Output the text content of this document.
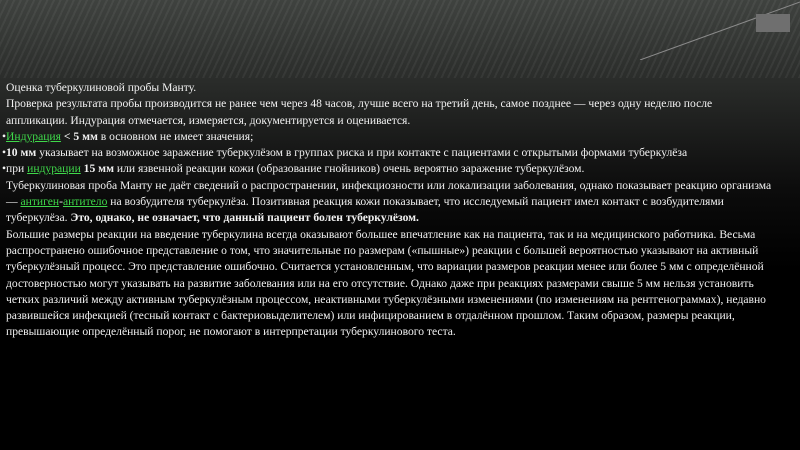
Оценка туберкулиновой пробы Манту.

Проверка результата пробы производится не ранее чем через 48 часов, лучше всего на третий день, самое позднее — через одну неделю после аппликации. Индурация отмечается, измеряется, документируется и оценивается.

•Индурация < 5 мм в основном не имеет значения;

•10 мм указывает на возможное заражение туберкулёзом в группах риска и при контакте с пациентами с открытыми формами туберкулёза

•при индурации 15 мм или язвенной реакции кожи (образование гнойников) очень вероятно заражение туберкулёзом.

Туберкулиновая проба Манту не даёт сведений о распространении, инфекциозности или локализации заболевания, однако показывает реакцию организма — антиген-антитело на возбудителя туберкулёза. Позитивная реакция кожи показывает, что исследуемый пациент имел контакт с возбудителями туберкулёза. Это, однако, не означает, что данный пациент болен туберкулёзом.

Большие размеры реакции на введение туберкулина всегда оказывают большее впечатление как на пациента, так и на медицинского работника. Весьма распространено ошибочное представление о том, что значительные по размерам («пышные») реакции с большей вероятностью указывают на активный туберкулёзный процесс. Это представление ошибочно. Считается установленным, что вариации размеров реакции менее или более 5 мм с определённой достоверностью могут указывать на развитие заболевания или на его отсутствие. Однако даже при реакциях размерами свыше 5 мм нельзя установить четких различий между активным туберкулёзным процессом, неактивными туберкулёзными изменениями (по изменениям на рентгенограммах), недавно развившейся инфекцией (тесный контакт с бактериовыделителем) или инфицированием в отдалённом прошлом. Таким образом, размеры реакции, превышающие определённый порог, не помогают в интерпретации туберкулинового теста.
